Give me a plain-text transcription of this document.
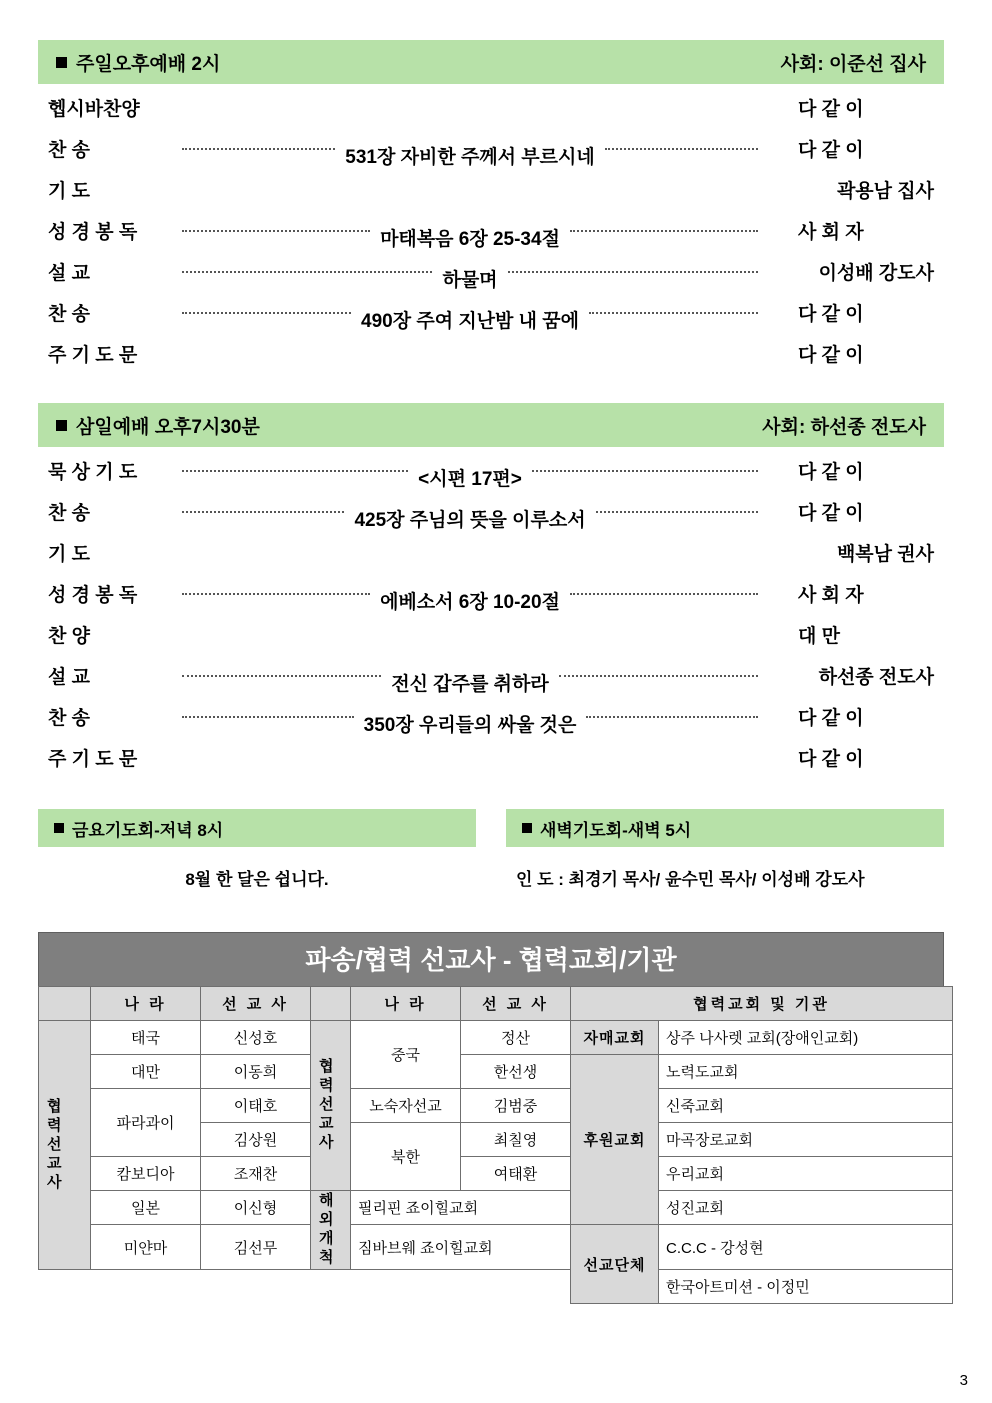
주일오후예배 2시	사회: 이준선 집사
헵시바찬양	다 같 이
찬 송	531장 자비한 주께서 부르시네	다 같 이
기 도	곽용남 집사
성 경 봉 독	마태복음 6장 25-34절	사 회 자
설 교	하물며	이성배 강도사
찬 송	490장 주여 지난밤 내 꿈에	다 같 이
주 기 도 문	다 같 이
삼일예배 오후7시30분	사회: 하선종 전도사
묵 상 기 도	<시편 17편>	다 같 이
찬 송	425장 주님의 뜻을 이루소서	다 같 이
기 도	백복남 권사
성 경 봉 독	에베소서 6장 10-20절	사 회 자
찬 양	대 만
설 교	전신 갑주를 취하라	하선종 전도사
찬 송	350장 우리들의 싸울 것은	다 같 이
주 기 도 문	다 같 이
금요기도회-저녁 8시
8월 한 달은 쉽니다.
새벽기도회-새벽 5시
인 도 : 최경기 목사/ 윤수민 목사/ 이성배 강도사
파송/협력 선교사 - 협력교회/기관
	나 라	선 교 사		나 라	선 교 사	협력교회 및 기관	

협력선교사	태국	신성호	협력선교사	중국	정산	자매교회	상주 나사렛 교회(장애인교회)
	대만	이동희			한선생	후원교회	노력도교회
	파라과이	이태호		노숙자선교	김범중		신죽교회
		김상원		북한	최칠영		마곡장로교회
	캄보디아	조재찬			여태환		우리교회
	일본	이신형	해외개척	필리핀 죠이힐교회			성진교회
	미얀마	김선무		짐바브웨 죠이힐교회		선교단체	C.C.C - 강성현
							한국아트미션 - 이정민
3
